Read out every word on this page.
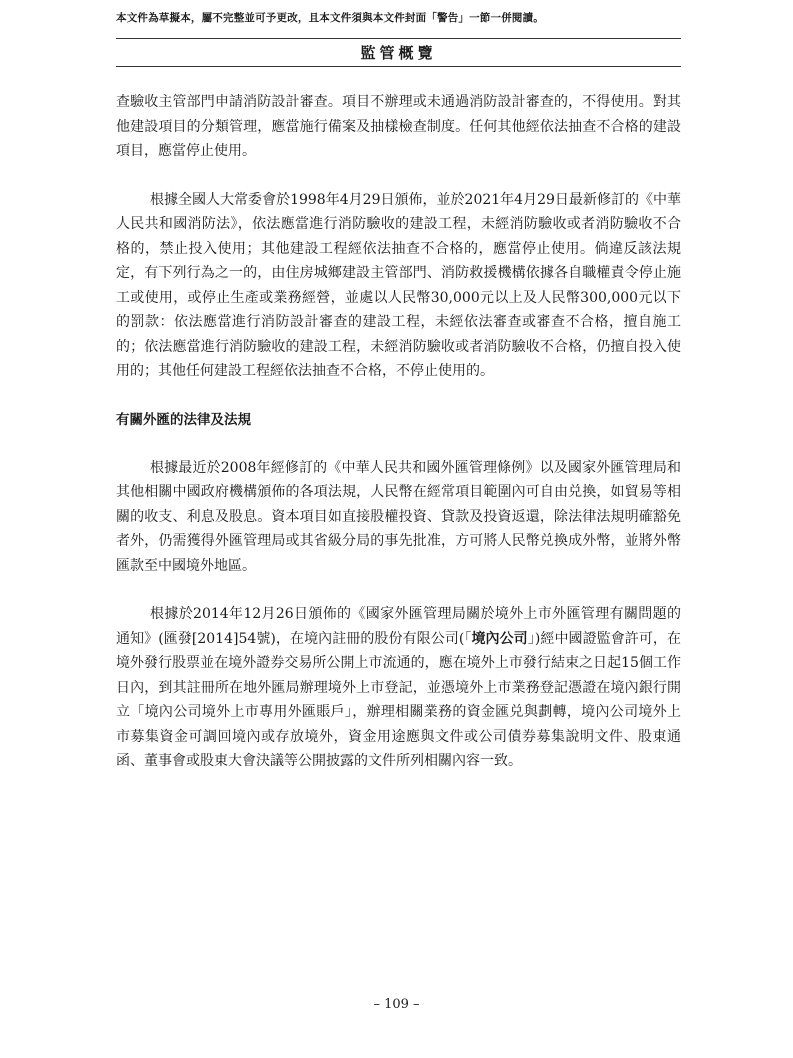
本文件為草擬本，屬不完整並可予更改，且本文件須與本文件封面「警告」一節一併閱讀。
監管概覽

查驗收主管部門申請消防設計審查。項目不辦理或未通過消防設計審查的，不得使用。對其他建設項目的分類管理，應當施行備案及抽樣檢查制度。任何其他經依法抽查不合格的建設項目，應當停止使用。

根據全國人大常委會於1998年4月29日頒佈，並於2021年4月29日最新修訂的《中華人民共和國消防法》，依法應當進行消防驗收的建設工程，未經消防驗收或者消防驗收不合格的，禁止投入使用；其他建設工程經依法抽查不合格的，應當停止使用。倘違反該法規定，有下列行為之一的，由住房城鄉建設主管部門、消防救援機構依據各自職權責令停止施工或使用，或停止生產或業務經營，並處以人民幣30,000元以上及人民幣300,000元以下的罰款：依法應當進行消防設計審查的建設工程，未經依法審查或審查不合格，擅自施工的；依法應當進行消防驗收的建設工程，未經消防驗收或者消防驗收不合格，仍擅自投入使用的；其他任何建設工程經依法抽查不合格，不停止使用的。

有關外匯的法律及法規

根據最近於2008年經修訂的《中華人民共和國外匯管理條例》以及國家外匯管理局和其他相關中國政府機構頒佈的各項法規，人民幣在經常項目範圍內可自由兑換，如貿易等相關的收支、利息及股息。資本項目如直接股權投資、貸款及投資返還，除法律法規明確豁免者外，仍需獲得外匯管理局或其省級分局的事先批准，方可將人民幣兑換成外幣，並將外幣匯款至中國境外地區。

根據於2014年12月26日頒佈的《國家外匯管理局關於境外上市外匯管理有關問題的通知》(匯發[2014]54號)，在境內註冊的股份有限公司(「境內公司」)經中國證監會許可，在境外發行股票並在境外證券交易所公開上市流通的，應在境外上市發行結束之日起15個工作日內，到其註冊所在地外匯局辦理境外上市登記，並憑境外上市業務登記憑證在境內銀行開立「境內公司境外上市專用外匯賬戶」，辦理相關業務的資金匯兑與劃轉，境內公司境外上市募集資金可調回境內或存放境外，資金用途應與文件或公司債券募集說明文件、股東通函、董事會或股東大會決議等公開披露的文件所列相關內容一致。

– 109 –
